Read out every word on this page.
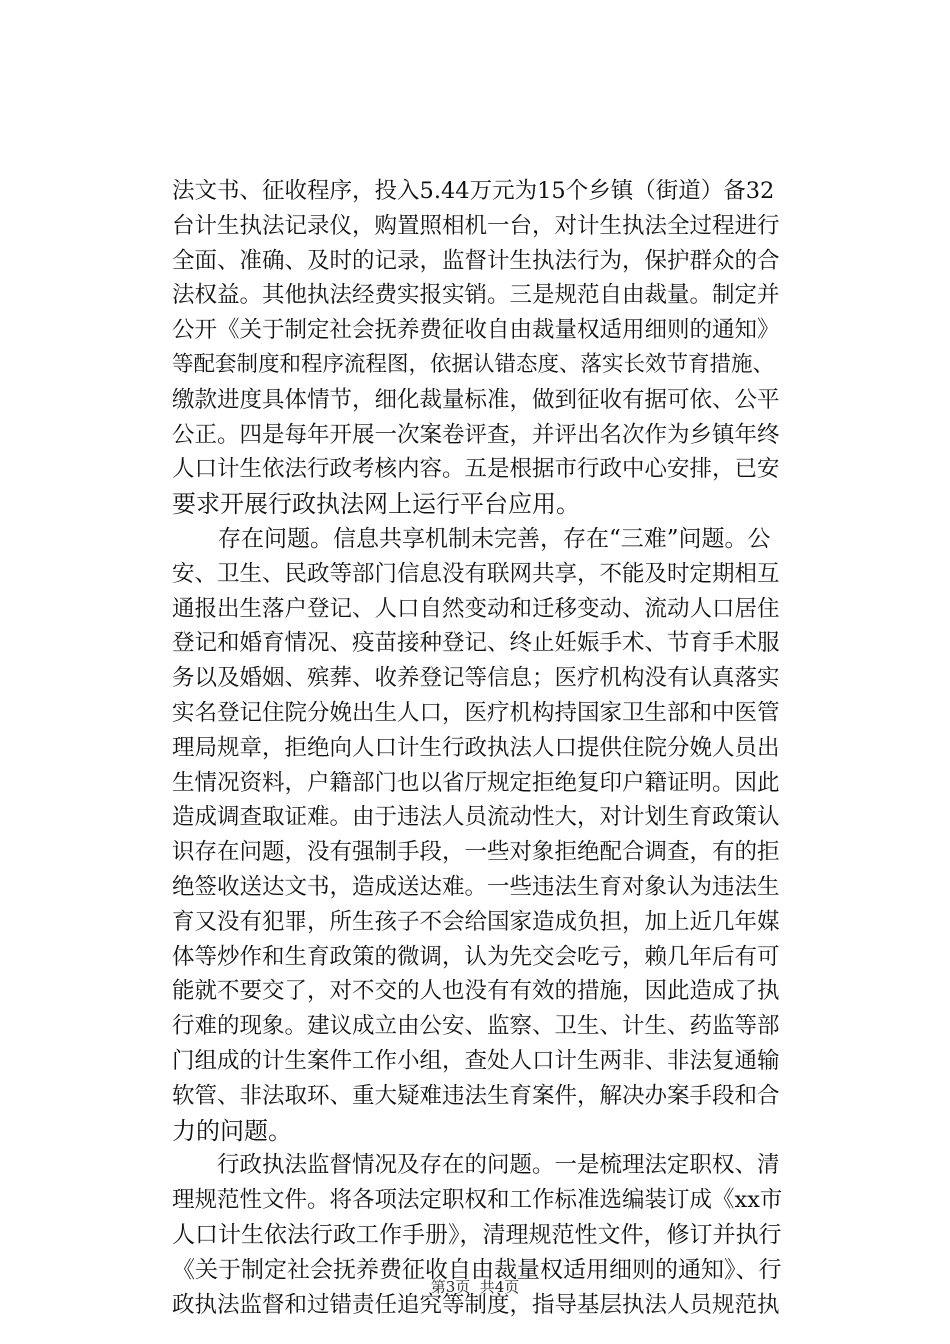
法文书、征收程序，投入5.44万元为15个乡镇（街道）备32
台计生执法记录仪，购置照相机一台，对计生执法全过程进行
全面、准确、及时的记录，监督计生执法行为，保护群众的合
法权益。其他执法经费实报实销。三是规范自由裁量。制定并
公开《关于制定社会抚养费征收自由裁量权适用细则的通知》
等配套制度和程序流程图，依据认错态度、落实长效节育措施、
缴款进度具体情节，细化裁量标准，做到征收有据可依、公平
公正。四是每年开展一次案卷评查，并评出名次作为乡镇年终
人口计生依法行政考核内容。五是根据市行政中心安排，已安
要求开展行政执法网上运行平台应用。
　　存在问题。信息共享机制未完善，存在“三难”问题。公
安、卫生、民政等部门信息没有联网共享，不能及时定期相互
通报出生落户登记、人口自然变动和迁移变动、流动人口居住
登记和婚育情况、疫苗接种登记、终止妊娠手术、节育手术服
务以及婚姻、殡葬、收养登记等信息；医疗机构没有认真落实
实名登记住院分娩出生人口，医疗机构持国家卫生部和中医管
理局规章，拒绝向人口计生行政执法人口提供住院分娩人员出
生情况资料，户籍部门也以省厅规定拒绝复印户籍证明。因此
造成调查取证难。由于违法人员流动性大，对计划生育政策认
识存在问题，没有强制手段，一些对象拒绝配合调查，有的拒
绝签收送达文书，造成送达难。一些违法生育对象认为违法生
育又没有犯罪，所生孩子不会给国家造成负担，加上近几年媒
体等炒作和生育政策的微调，认为先交会吃亏，赖几年后有可
能就不要交了，对不交的人也没有有效的措施，因此造成了执
行难的现象。建议成立由公安、监察、卫生、计生、药监等部
门组成的计生案件工作小组，查处人口计生两非、非法复通输
软管、非法取环、重大疑难违法生育案件，解决办案手段和合
力的问题。
　　行政执法监督情况及存在的问题。一是梳理法定职权、清
理规范性文件。将各项法定职权和工作标准选编装订成《xx市
人口计生依法行政工作手册》，清理规范性文件，修订并执行
《关于制定社会抚养费征收自由裁量权适用细则的通知》、行
政执法监督和过错责任追究等制度，指导基层执法人员规范执
第3页  共4页
